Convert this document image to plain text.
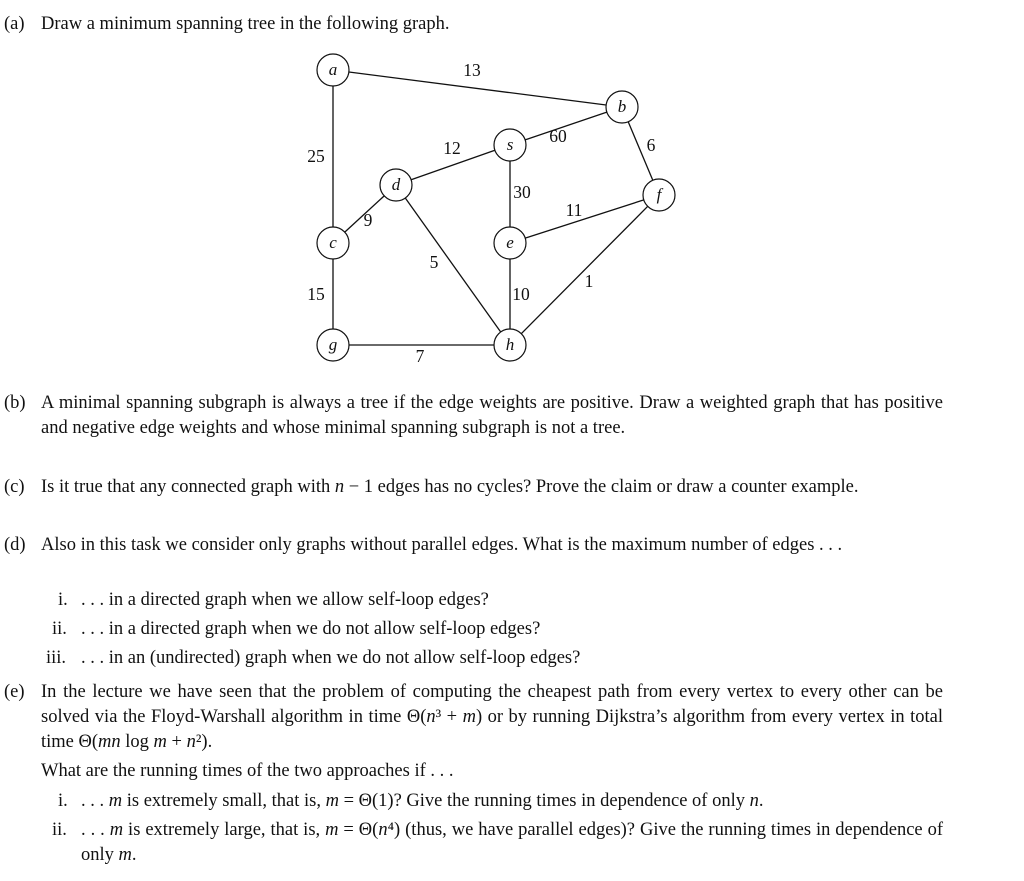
(a) Draw a minimum spanning tree in the following graph.
a
b
s
d
f
c	e
g	h
13
25	12
60	6
30
9	11
5
15	10
1
7
(b) A minimal spanning subgraph is always a tree if the edge weights are positive. Draw a weighted graph that has positive and negative edge weights and whose minimal spanning subgraph is not a tree.
(c) Is it true that any connected graph with n − 1 edges has no cycles? Prove the claim or draw a counter example.
(d) Also in this task we consider only graphs without parallel edges. What is the maximum number of edges . . .
i. . . . in a directed graph when we allow self-loop edges?
ii. . . . in a directed graph when we do not allow self-loop edges?
iii. . . . in an (undirected) graph when we do not allow self-loop edges?
(e) In the lecture we have seen that the problem of computing the cheapest path from every vertex to every other can be solved via the Floyd-Warshall algorithm in time Θ(n³ + m) or by running Dijkstra’s algorithm from every vertex in total time Θ(mn log m + n²).
What are the running times of the two approaches if . . .
i. . . . m is extremely small, that is, m = Θ(1)? Give the running times in dependence of only n.
ii. . . . m is extremely large, that is, m = Θ(n⁴) (thus, we have parallel edges)? Give the running times in dependence of only m.
